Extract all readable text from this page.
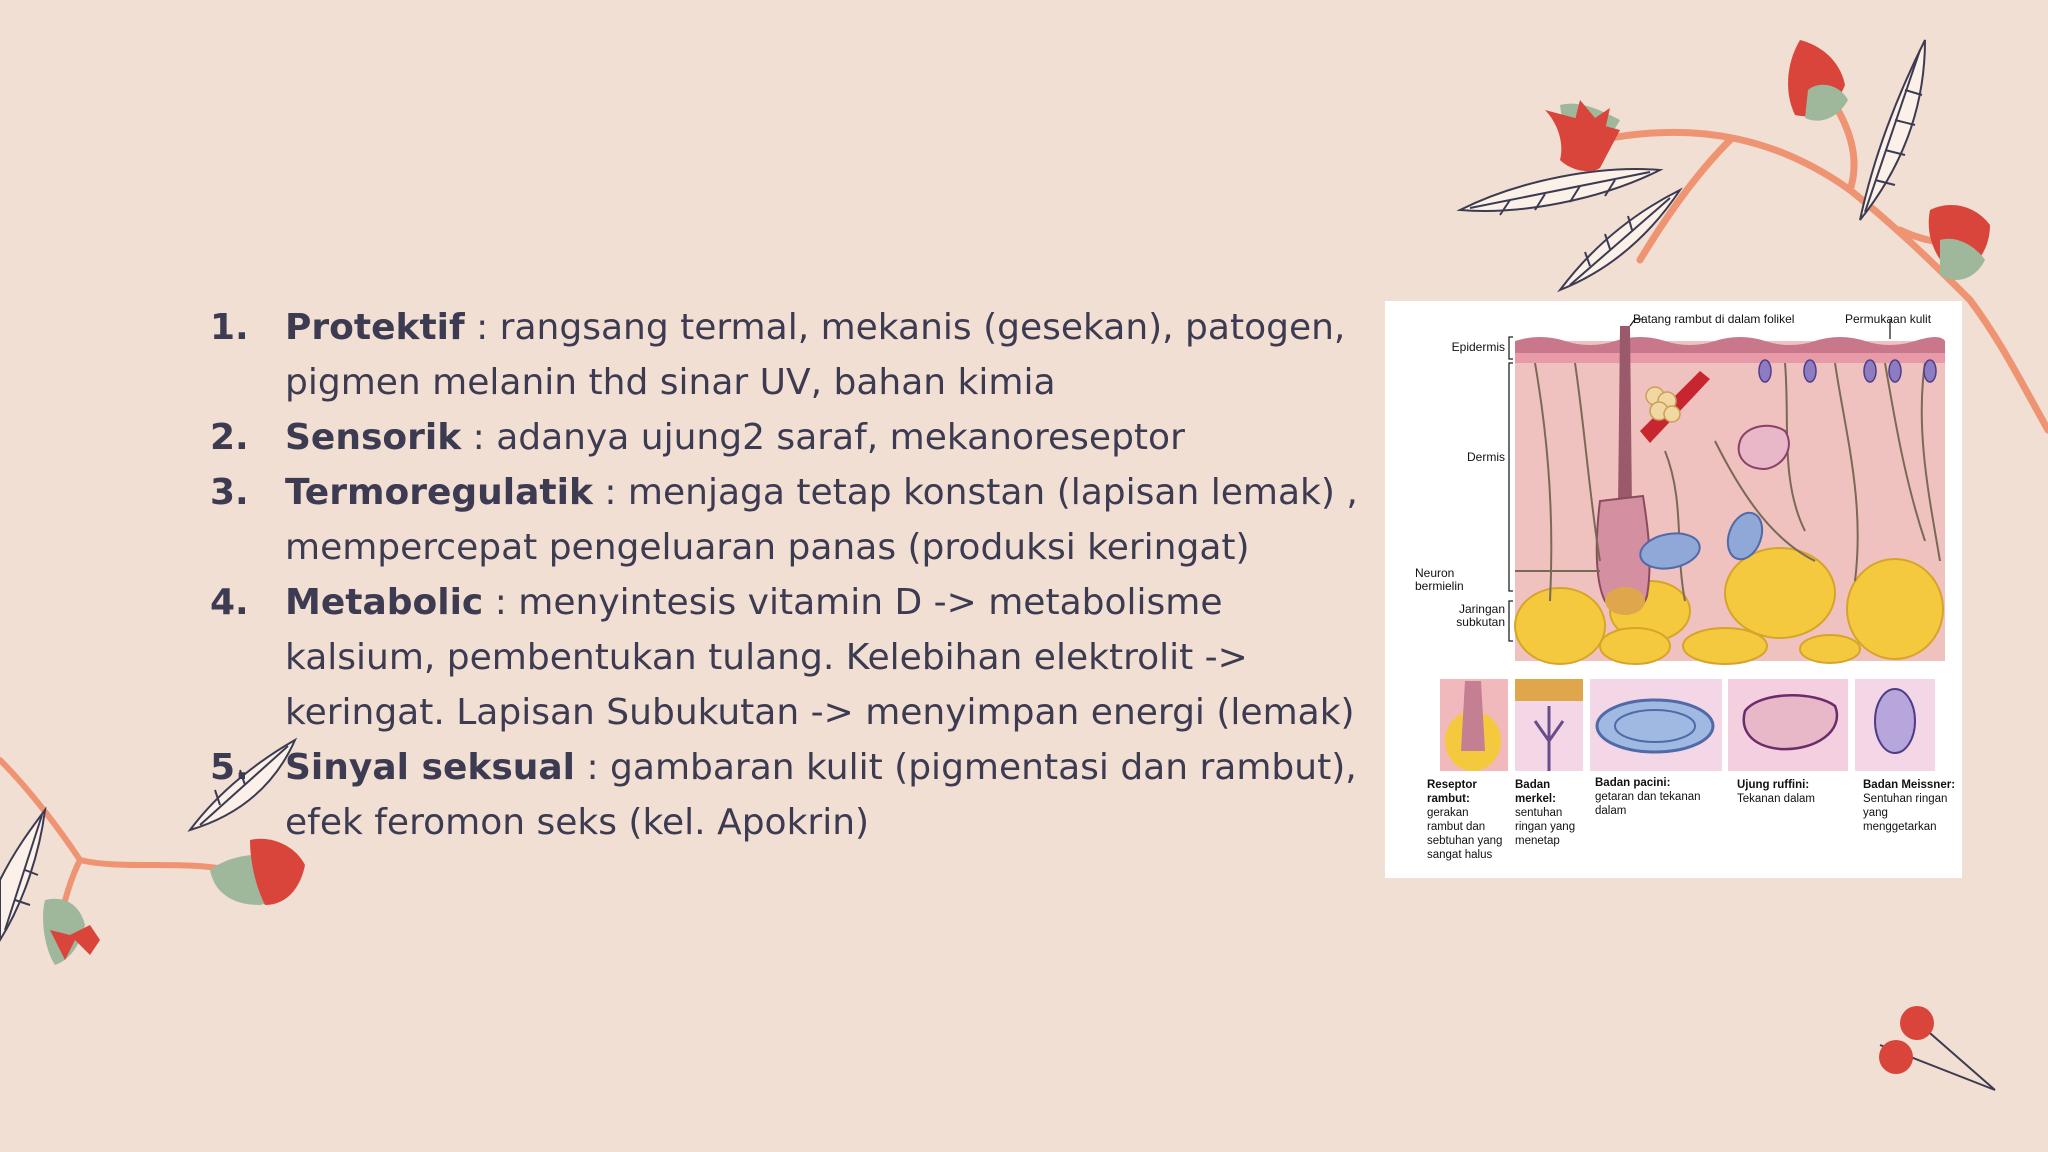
1. Protektif : rangsang termal, mekanis (gesekan), patogen, pigmen melanin thd sinar UV, bahan kimia
2. Sensorik : adanya ujung2 saraf, mekanoreseptor
3. Termoregulatik : menjaga tetap konstan (lapisan lemak) , mempercepat pengeluaran panas (produksi keringat)
4. Metabolic : menyintesis vitamin D -> metabolisme kalsium, pembentukan tulang. Kelebihan elektrolit -> keringat. Lapisan Subukutan -> menyimpan energi (lemak)
5. Sinyal seksual : gambaran kulit (pigmentasi dan rambut), efek feromon seks (kel. Apokrin)
Batang rambut di dalam folikel	Permukaan kulit
Epidermis
Dermis
Neuron bermielin
Jaringan subkutan
Reseptor rambut:
gerakan rambut dan sebtuhan yang sangat halus
Badan merkel:
sentuhan ringan yang menetap
Badan pacini:
getaran dan tekanan dalam
Ujung ruffini:
Tekanan dalam
Badan Meissner:
Sentuhan ringan yang menggetarkan
